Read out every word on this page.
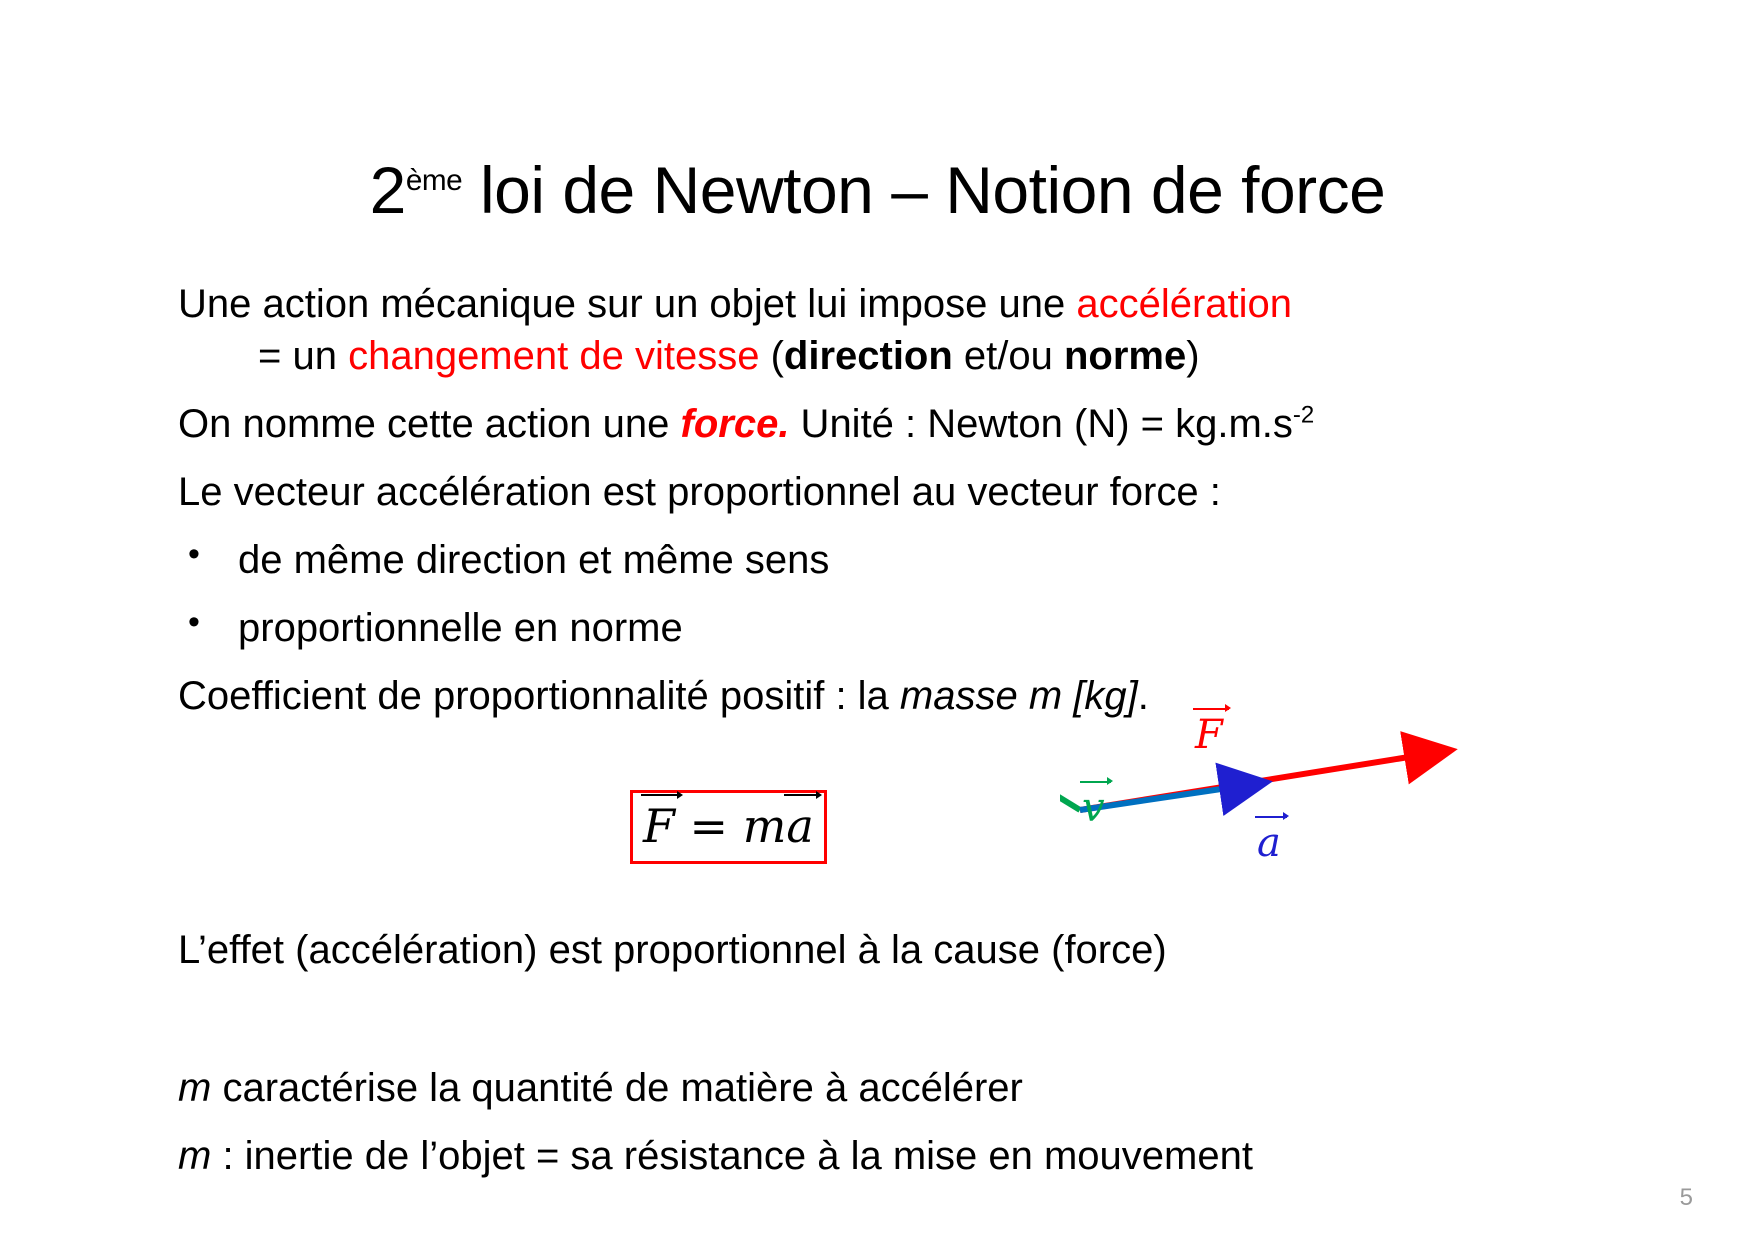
2ème loi de Newton – Notion de force

Une action mécanique sur un objet lui impose une accélération
= un changement de vitesse (direction et/ou norme)

On nomme cette action une force. Unité : Newton $(N) = kg.m.s^{-2}$

Le vecteur accélération est proportionnel au vecteur force :

• de même direction et même sens
• proportionnelle en norme

Coefficient de proportionnalité positif : la masse m [kg].

L’effet (accélération) est proportionnel à la cause (force)

m caractérise la quantité de matière à accélérer

m : inertie de l’objet = sa résistance à la mise en mouvement

F = ma
F
v
a
5
